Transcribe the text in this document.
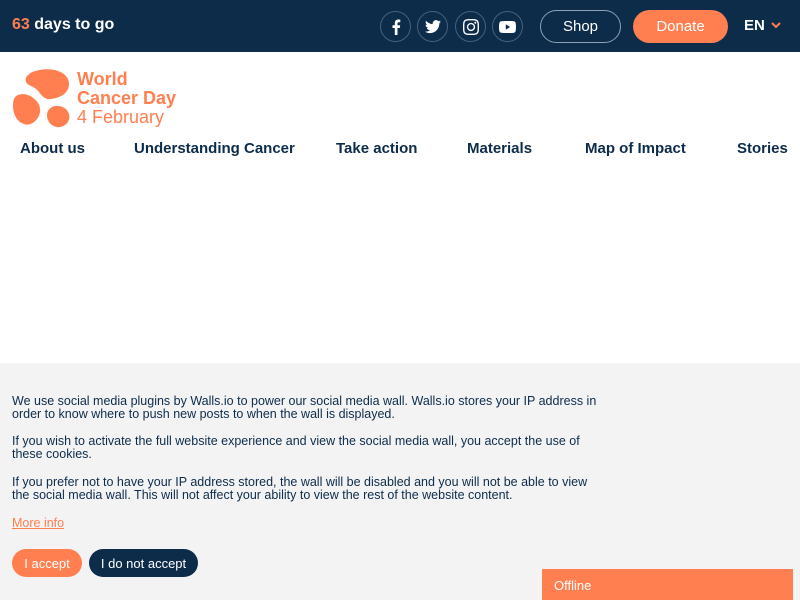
63 days to go	Shop	Donate	EN
World
Cancer Day
4 February
About us	Understanding Cancer	Take action	Materials	Map of Impact	Stories

We use social media plugins by Walls.io to power our social media wall. Walls.io stores your IP address in order to know where to push new posts to when the wall is displayed.

If you wish to activate the full website experience and view the social media wall, you accept the use of these cookies.

If you prefer not to have your IP address stored, the wall will be disabled and you will not be able to view the social media wall. This will not affect your ability to view the rest of the website content.

More info
I accept	I do not accept
Offline
